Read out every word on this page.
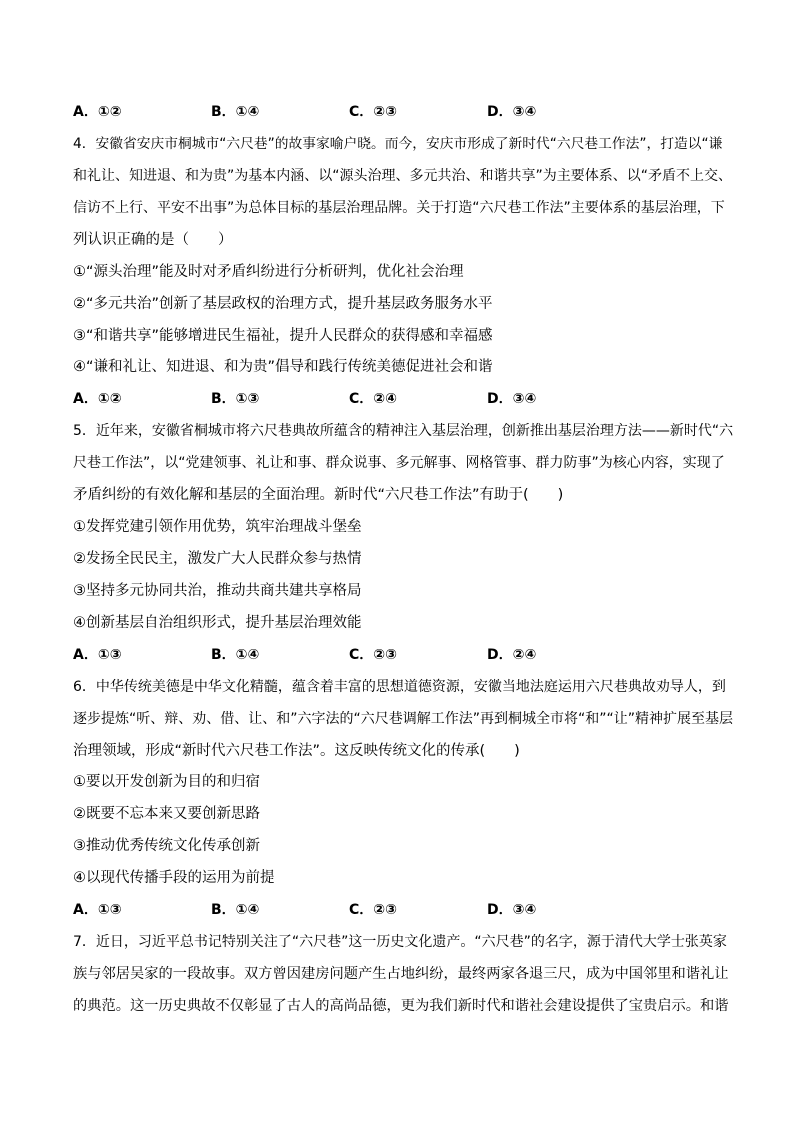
A．①②	B．①④	C．②③	D．③④
4．安徽省安庆市桐城市“六尺巷”的故事家喻户晓。而今，安庆市形成了新时代“六尺巷工作法”，打造以“谦
和礼让、知进退、和为贵”为基本内涵、以“源头治理、多元共治、和谐共享”为主要体系、以“矛盾不上交、
信访不上行、平安不出事”为总体目标的基层治理品牌。关于打造“六尺巷工作法”主要体系的基层治理，下
列认识正确的是（　　）
①“源头治理”能及时对矛盾纠纷进行分析研判，优化社会治理
②“多元共治”创新了基层政权的治理方式，提升基层政务服务水平
③“和谐共享”能够增进民生福祉，提升人民群众的获得感和幸福感
④“谦和礼让、知进退、和为贵”倡导和践行传统美德促进社会和谐
A．①②	B．①③	C．②④	D．③④
5．近年来，安徽省桐城市将六尺巷典故所蕴含的精神注入基层治理，创新推出基层治理方法——新时代“六
尺巷工作法”，以“党建领事、礼让和事、群众说事、多元解事、网格管事、群力防事”为核心内容，实现了
矛盾纠纷的有效化解和基层的全面治理。新时代“六尺巷工作法”有助于(　　)
①发挥党建引领作用优势，筑牢治理战斗堡垒
②发扬全民民主，激发广大人民群众参与热情
③坚持多元协同共治，推动共商共建共享格局
④创新基层自治组织形式，提升基层治理效能
A．①③	B．①④	C．②③	D．②④
6．中华传统美德是中华文化精髓，蕴含着丰富的思想道德资源，安徽当地法庭运用六尺巷典故劝导人，到
逐步提炼“听、辩、劝、借、让、和”六字法的“六尺巷调解工作法”再到桐城全市将“和”“让”精神扩展至基层
治理领域，形成“新时代六尺巷工作法”。这反映传统文化的传承(　　)
①要以开发创新为目的和归宿
②既要不忘本来又要创新思路
③推动优秀传统文化传承创新
④以现代传播手段的运用为前提
A．①③	B．①④	C．②③	D．③④
7．近日，习近平总书记特别关注了“六尺巷”这一历史文化遗产。“六尺巷”的名字，源于清代大学士张英家
族与邻居吴家的一段故事。双方曾因建房问题产生占地纠纷，最终两家各退三尺，成为中国邻里和谐礼让
的典范。这一历史典故不仅彰显了古人的高尚品德，更为我们新时代和谐社会建设提供了宝贵启示。和谐
